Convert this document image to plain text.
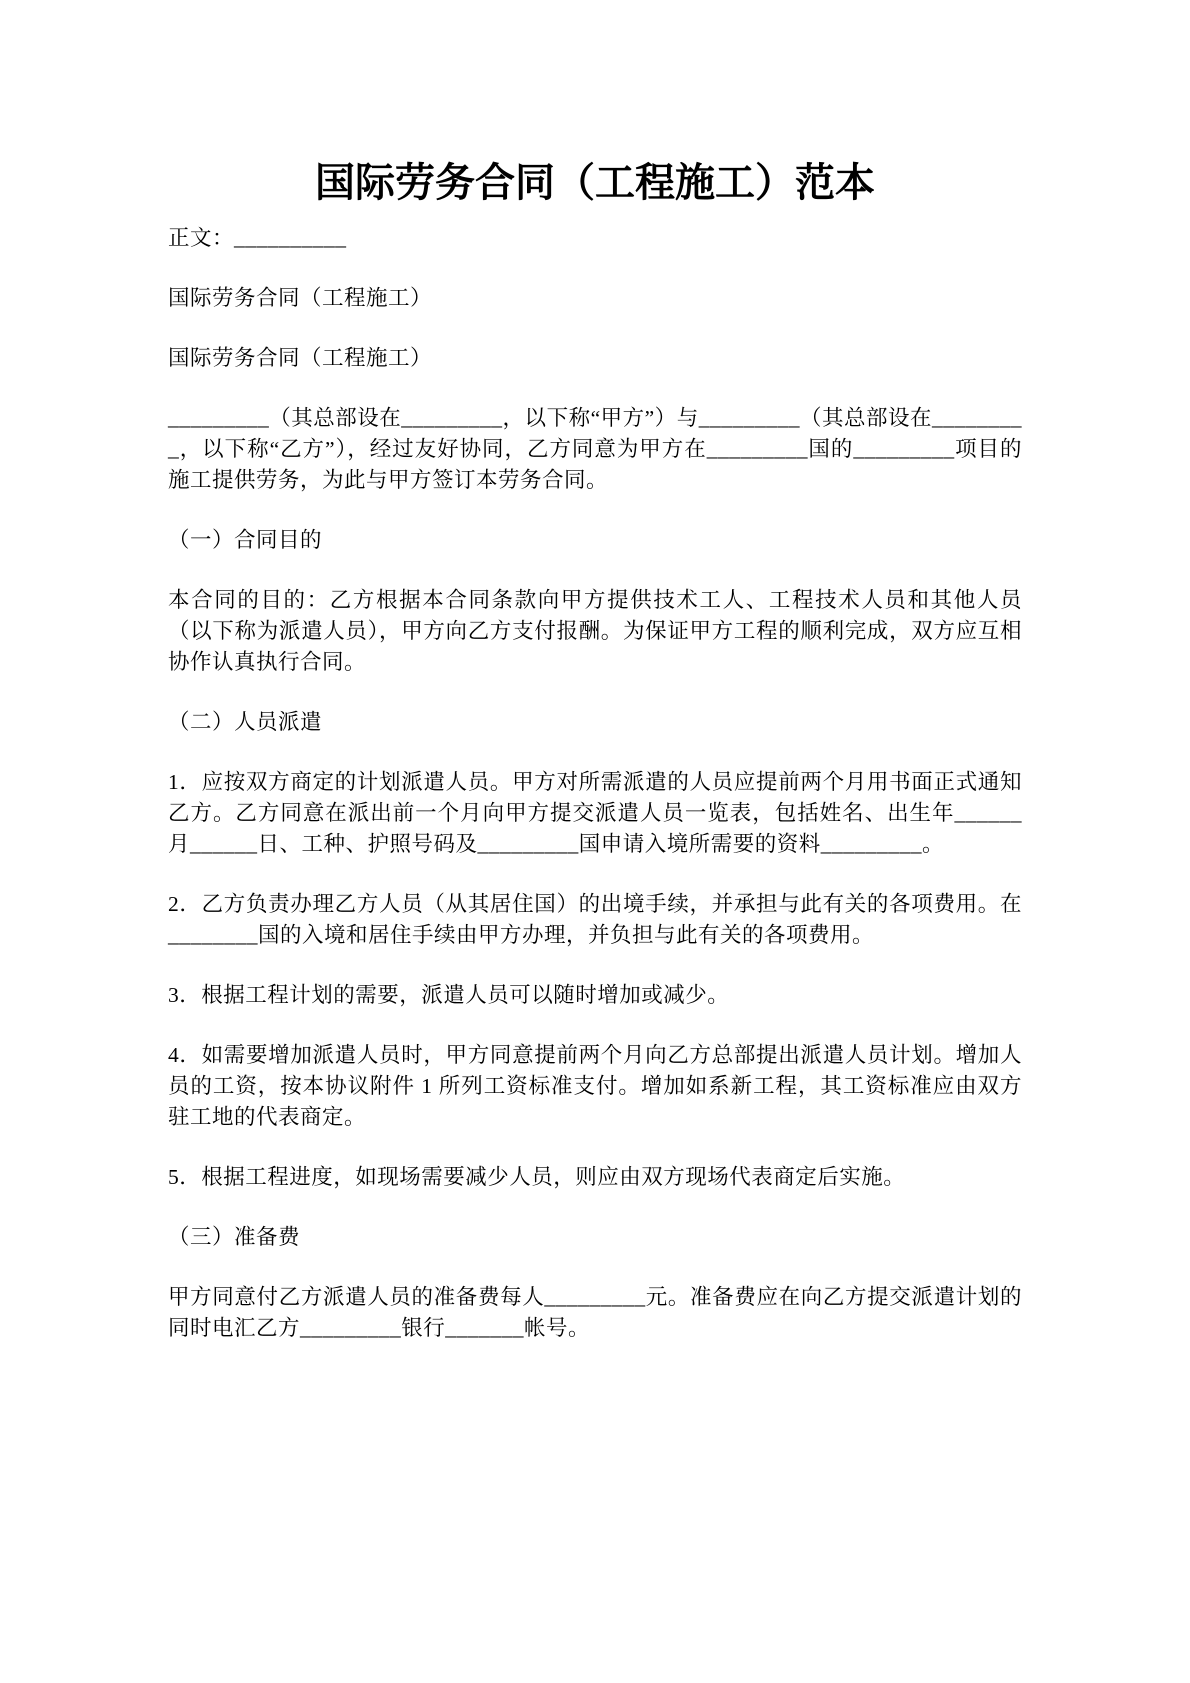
国际劳务合同（工程施工）范本

正文：__________

国际劳务合同（工程施工）

国际劳务合同（工程施工）

_________（其总部设在_________，以下称“甲方”）与_________（其总部设在_________，以下称“乙方”），经过友好协同，乙方同意为甲方在_________国的_________项目的施工提供劳务，为此与甲方签订本劳务合同。

（一）合同目的

本合同的目的：乙方根据本合同条款向甲方提供技术工人、工程技术人员和其他人员（以下称为派遣人员），甲方向乙方支付报酬。为保证甲方工程的顺利完成，双方应互相协作认真执行合同。

（二）人员派遣

1．应按双方商定的计划派遣人员。甲方对所需派遣的人员应提前两个月用书面正式通知乙方。乙方同意在派出前一个月向甲方提交派遣人员一览表，包括姓名、出生年______月______日、工种、护照号码及_________国申请入境所需要的资料_________。

2．乙方负责办理乙方人员（从其居住国）的出境手续，并承担与此有关的各项费用。在________国的入境和居住手续由甲方办理，并负担与此有关的各项费用。

3．根据工程计划的需要，派遣人员可以随时增加或减少。

4．如需要增加派遣人员时，甲方同意提前两个月向乙方总部提出派遣人员计划。增加人员的工资，按本协议附件 1 所列工资标准支付。增加如系新工程，其工资标准应由双方驻工地的代表商定。

5．根据工程进度，如现场需要减少人员，则应由双方现场代表商定后实施。

（三）准备费

甲方同意付乙方派遣人员的准备费每人_________元。准备费应在向乙方提交派遣计划的同时电汇乙方_________银行_______帐号。
